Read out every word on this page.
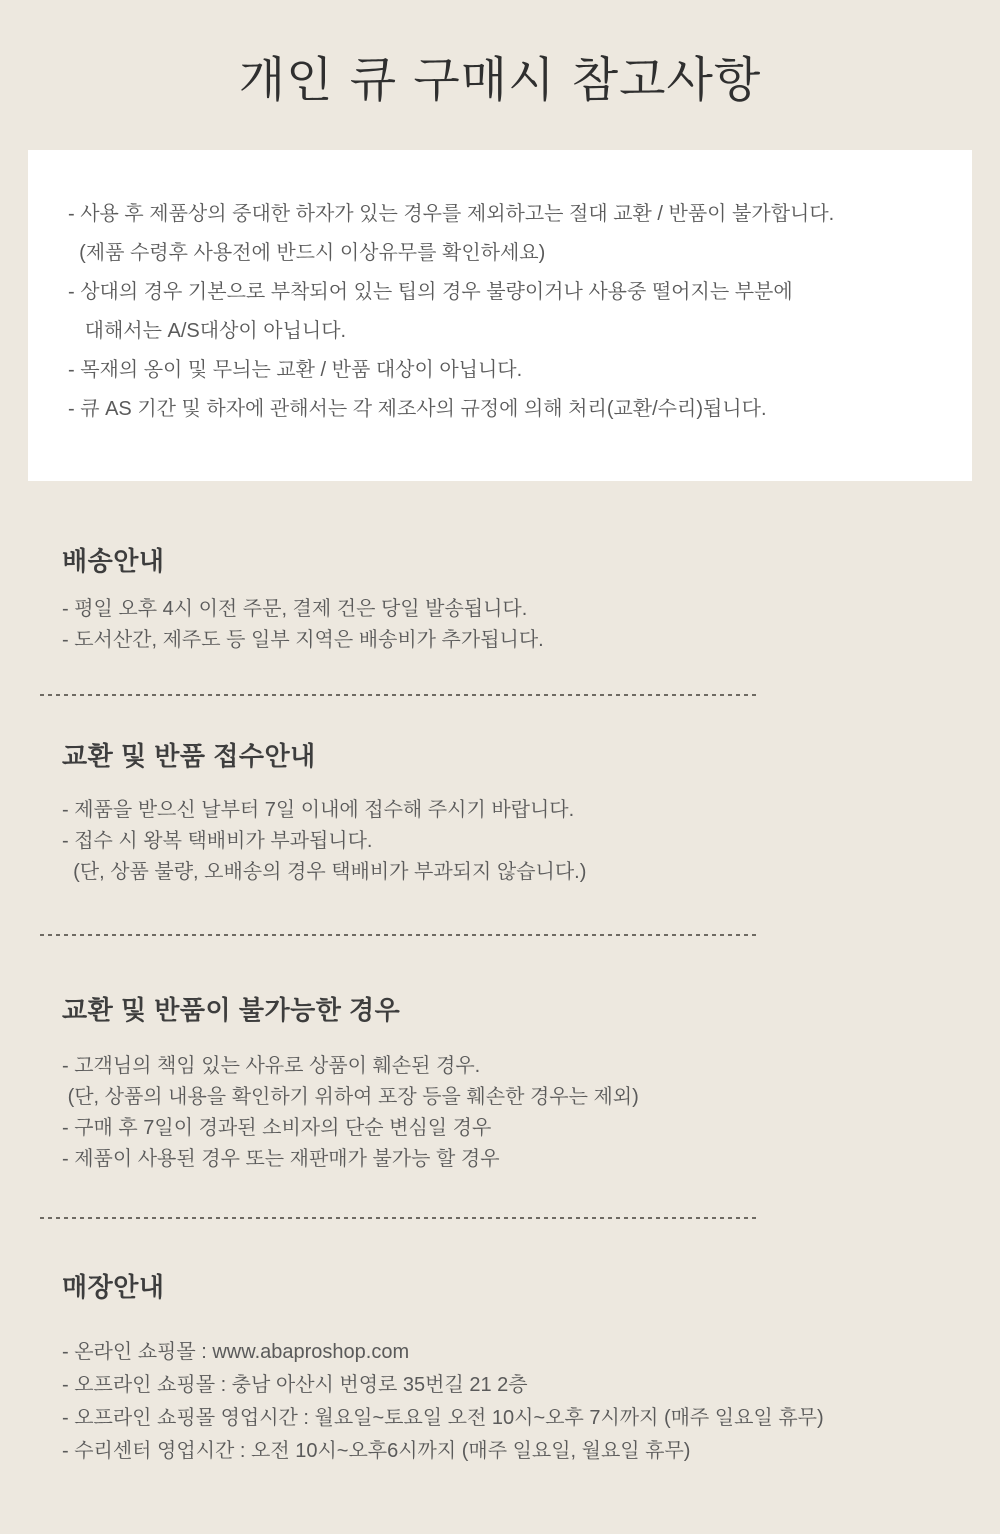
개인 큐 구매시 참고사항

- 사용 후 제품상의 중대한 하자가 있는 경우를 제외하고는 절대 교환 / 반품이 불가합니다.

(제품 수령후 사용전에 반드시 이상유무를 확인하세요)

- 상대의 경우 기본으로 부착되어 있는 팁의 경우 불량이거나 사용중 떨어지는 부분에

대해서는 A/S대상이 아닙니다.

- 목재의 옹이 및 무늬는 교환 / 반품 대상이 아닙니다.

- 큐 AS 기간 및 하자에 관해서는 각 제조사의 규정에 의해 처리(교환/수리)됩니다.

배송안내

- 평일 오후 4시 이전 주문, 결제 건은 당일 발송됩니다.

- 도서산간, 제주도 등 일부 지역은 배송비가 추가됩니다.

교환 및 반품 접수안내

- 제품을 받으신 날부터 7일 이내에 접수해 주시기 바랍니다.

- 접수 시 왕복 택배비가 부과됩니다.

(단, 상품 불량, 오배송의 경우 택배비가 부과되지 않습니다.)

교환 및 반품이 불가능한 경우

- 고객님의 책임 있는 사유로 상품이 훼손된 경우.

(단, 상품의 내용을 확인하기 위하여 포장 등을 훼손한 경우는 제외)

- 구매 후 7일이 경과된 소비자의 단순 변심일 경우

- 제품이 사용된 경우 또는 재판매가 불가능 할 경우

매장안내

- 온라인 쇼핑몰 : www.abaproshop.com

- 오프라인 쇼핑몰 : 충남 아산시 번영로 35번길 21 2층

- 오프라인 쇼핑몰 영업시간 : 월요일~토요일 오전 10시~오후 7시까지 (매주 일요일 휴무)

- 수리센터 영업시간 : 오전 10시~오후6시까지 (매주 일요일, 월요일 휴무)
